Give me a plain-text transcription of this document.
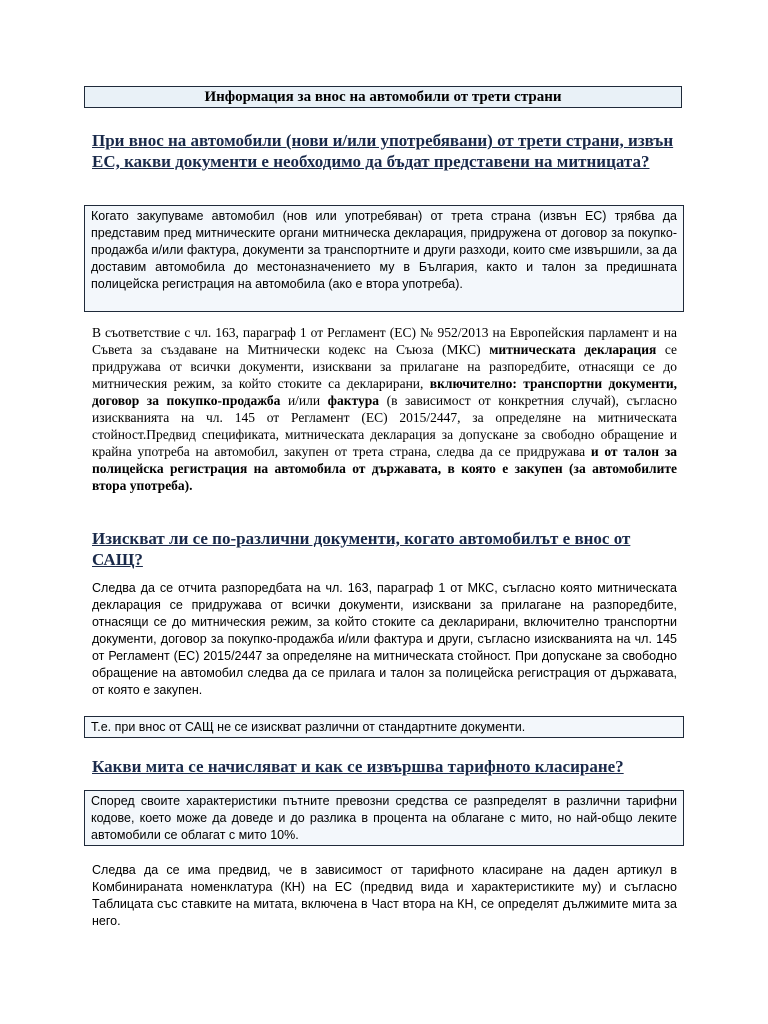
Информация за внос на автомобили от трети страни
При внос на автомобили (нови и/или употребявани) от трети страни, извън ЕС, какви документи е необходимо да бъдат представени на митницата?
Когато закупуваме автомобил (нов или употребяван) от трета страна (извън ЕС) трябва да представим пред митническите органи митническа декларация, придружена от договор за покупко-продажба и/или фактура, документи за транспортните и други разходи, които сме извършили, за да доставим автомобила до местоназначението му в България, както и талон за предишната полицейска регистрация на автомобила (ако е втора употреба).
В съответствие с чл. 163, параграф 1 от Регламент (ЕС) № 952/2013 на Европейския парламент и на Съвета за създаване на Митнически кодекс на Съюза (МКС) митническата декларация се придружава от всички документи, изисквани за прилагане на разпоредбите, отнасящи се до митническия режим, за който стоките са декларирани, включително: транспортни документи, договор за покупко-продажба и/или фактура (в зависимост от конкретния случай), съгласно изискванията на чл. 145 от Регламент (ЕС) 2015/2447, за определяне на митническата стойност.Предвид спецификата, митническата декларация за допускане за свободно обращение и крайна употреба на автомобил, закупен от трета страна, следва да се придружава и от талон за полицейска регистрация на автомобила от държавата, в която е закупен (за автомобилите втора употреба).
Изискват ли се по-различни документи, когато автомобилът е внос от САЩ?
Следва да се отчита разпоредбата на чл. 163, параграф 1 от МКС, съгласно която митническата декларация се придружава от всички документи, изисквани за прилагане на разпоредбите, отнасящи се до митническия режим, за който стоките са декларирани, включително транспортни документи, договор за покупко-продажба и/или фактура и други, съгласно изискванията на чл. 145 от Регламент (ЕС) 2015/2447 за определяне на митническата стойност. При допускане за свободно обращение на автомобил следва да се прилага и талон за полицейска регистрация от държавата, от която е закупен.
Т.е. при внос от САЩ не се изискват различни от стандартните документи.
Какви мита се начисляват и как се извършва тарифното класиране?
Според своите характеристики пътните превозни средства се разпределят в различни тарифни кодове, което може да доведе и до разлика в процента на облагане с мито, но най-общо леките автомобили се облагат с мито 10%.
Следва да се има предвид, че в зависимост от тарифното класиране на даден артикул в Комбинираната номенклатура (КН) на ЕС (предвид вида и характеристиките му) и съгласно Таблицата със ставките на митата, включена в Част втора на КН, се определят дължимите мита за него.
